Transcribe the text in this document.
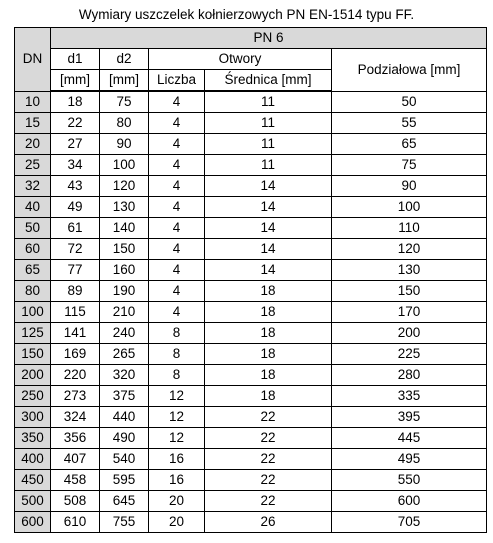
Wymiary uszczelek kołnierzowych PN EN-1514 typu FF.
DN	PN 6				
	d1	d2	Otwory		Podziałowa [mm]
	[mm]	[mm]	Liczba	Średnica [mm]	
10	18	75	4	11	50
15	22	80	4	11	55
20	27	90	4	11	65
25	34	100	4	11	75
32	43	120	4	14	90
40	49	130	4	14	100
50	61	140	4	14	110
60	72	150	4	14	120
65	77	160	4	14	130
80	89	190	4	18	150
100	115	210	4	18	170
125	141	240	8	18	200
150	169	265	8	18	225
200	220	320	8	18	280
250	273	375	12	18	335
300	324	440	12	22	395
350	356	490	12	22	445
400	407	540	16	22	495
450	458	595	16	22	550
500	508	645	20	22	600
600	610	755	20	26	705
